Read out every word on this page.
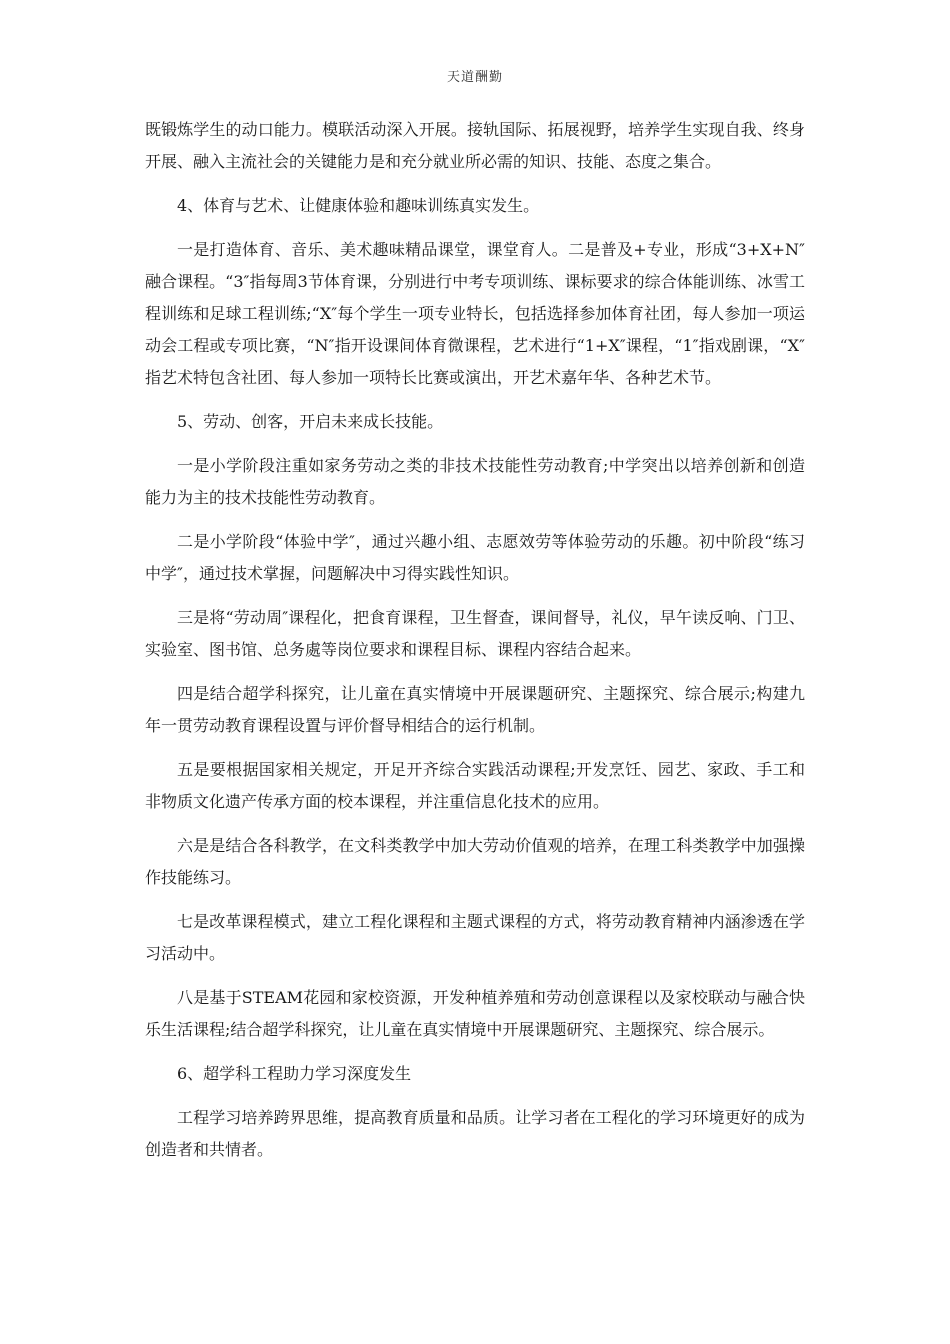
天道酬勤

既锻炼学生的动口能力。模联活动深入开展。接轨国际、拓展视野，培养学生实现自我、终身开展、融入主流社会的关键能力是和充分就业所必需的知识、技能、态度之集合。

4、体育与艺术、让健康体验和趣味训练真实发生。

一是打造体育、音乐、美术趣味精品课堂，课堂育人。二是普及+专业，形成“3+X+N″融合课程。“3″指每周3节体育课，分别进行中考专项训练、课标要求的综合体能训练、冰雪工程训练和足球工程训练;“X″每个学生一项专业特长，包括选择参加体育社团，每人参加一项运动会工程或专项比赛，“N″指开设课间体育微课程，艺术进行“1+X″课程，“1″指戏剧课，“X″指艺术特包含社团、每人参加一项特长比赛或演出，开艺术嘉年华、各种艺术节。

5、劳动、创客，开启未来成长技能。

一是小学阶段注重如家务劳动之类的非技术技能性劳动教育;中学突出以培养创新和创造能力为主的技术技能性劳动教育。

二是小学阶段“体验中学″，通过兴趣小组、志愿效劳等体验劳动的乐趣。初中阶段“练习中学″，通过技术掌握，问题解决中习得实践性知识。

三是将“劳动周″课程化，把食育课程，卫生督查，课间督导，礼仪，早午读反响、门卫、实验室、图书馆、总务處等岗位要求和课程目标、课程内容结合起来。

四是结合超学科探究，让儿童在真实情境中开展课题研究、主题探究、综合展示;构建九年一贯劳动教育课程设置与评价督导相结合的运行机制。

五是要根据国家相关规定，开足开齐综合实践活动课程;开发烹饪、园艺、家政、手工和非物质文化遗产传承方面的校本课程，并注重信息化技术的应用。

六是是结合各科教学，在文科类教学中加大劳动价值观的培养，在理工科类教学中加强操作技能练习。

七是改革课程模式，建立工程化课程和主题式课程的方式，将劳动教育精神内涵渗透在学习活动中。

八是基于STEAM花园和家校资源，开发种植养殖和劳动创意课程以及家校联动与融合快乐生活课程;结合超学科探究，让儿童在真实情境中开展课题研究、主题探究、综合展示。

6、超学科工程助力学习深度发生

工程学习培养跨界思维，提高教育质量和品质。让学习者在工程化的学习环境更好的成为创造者和共情者。
